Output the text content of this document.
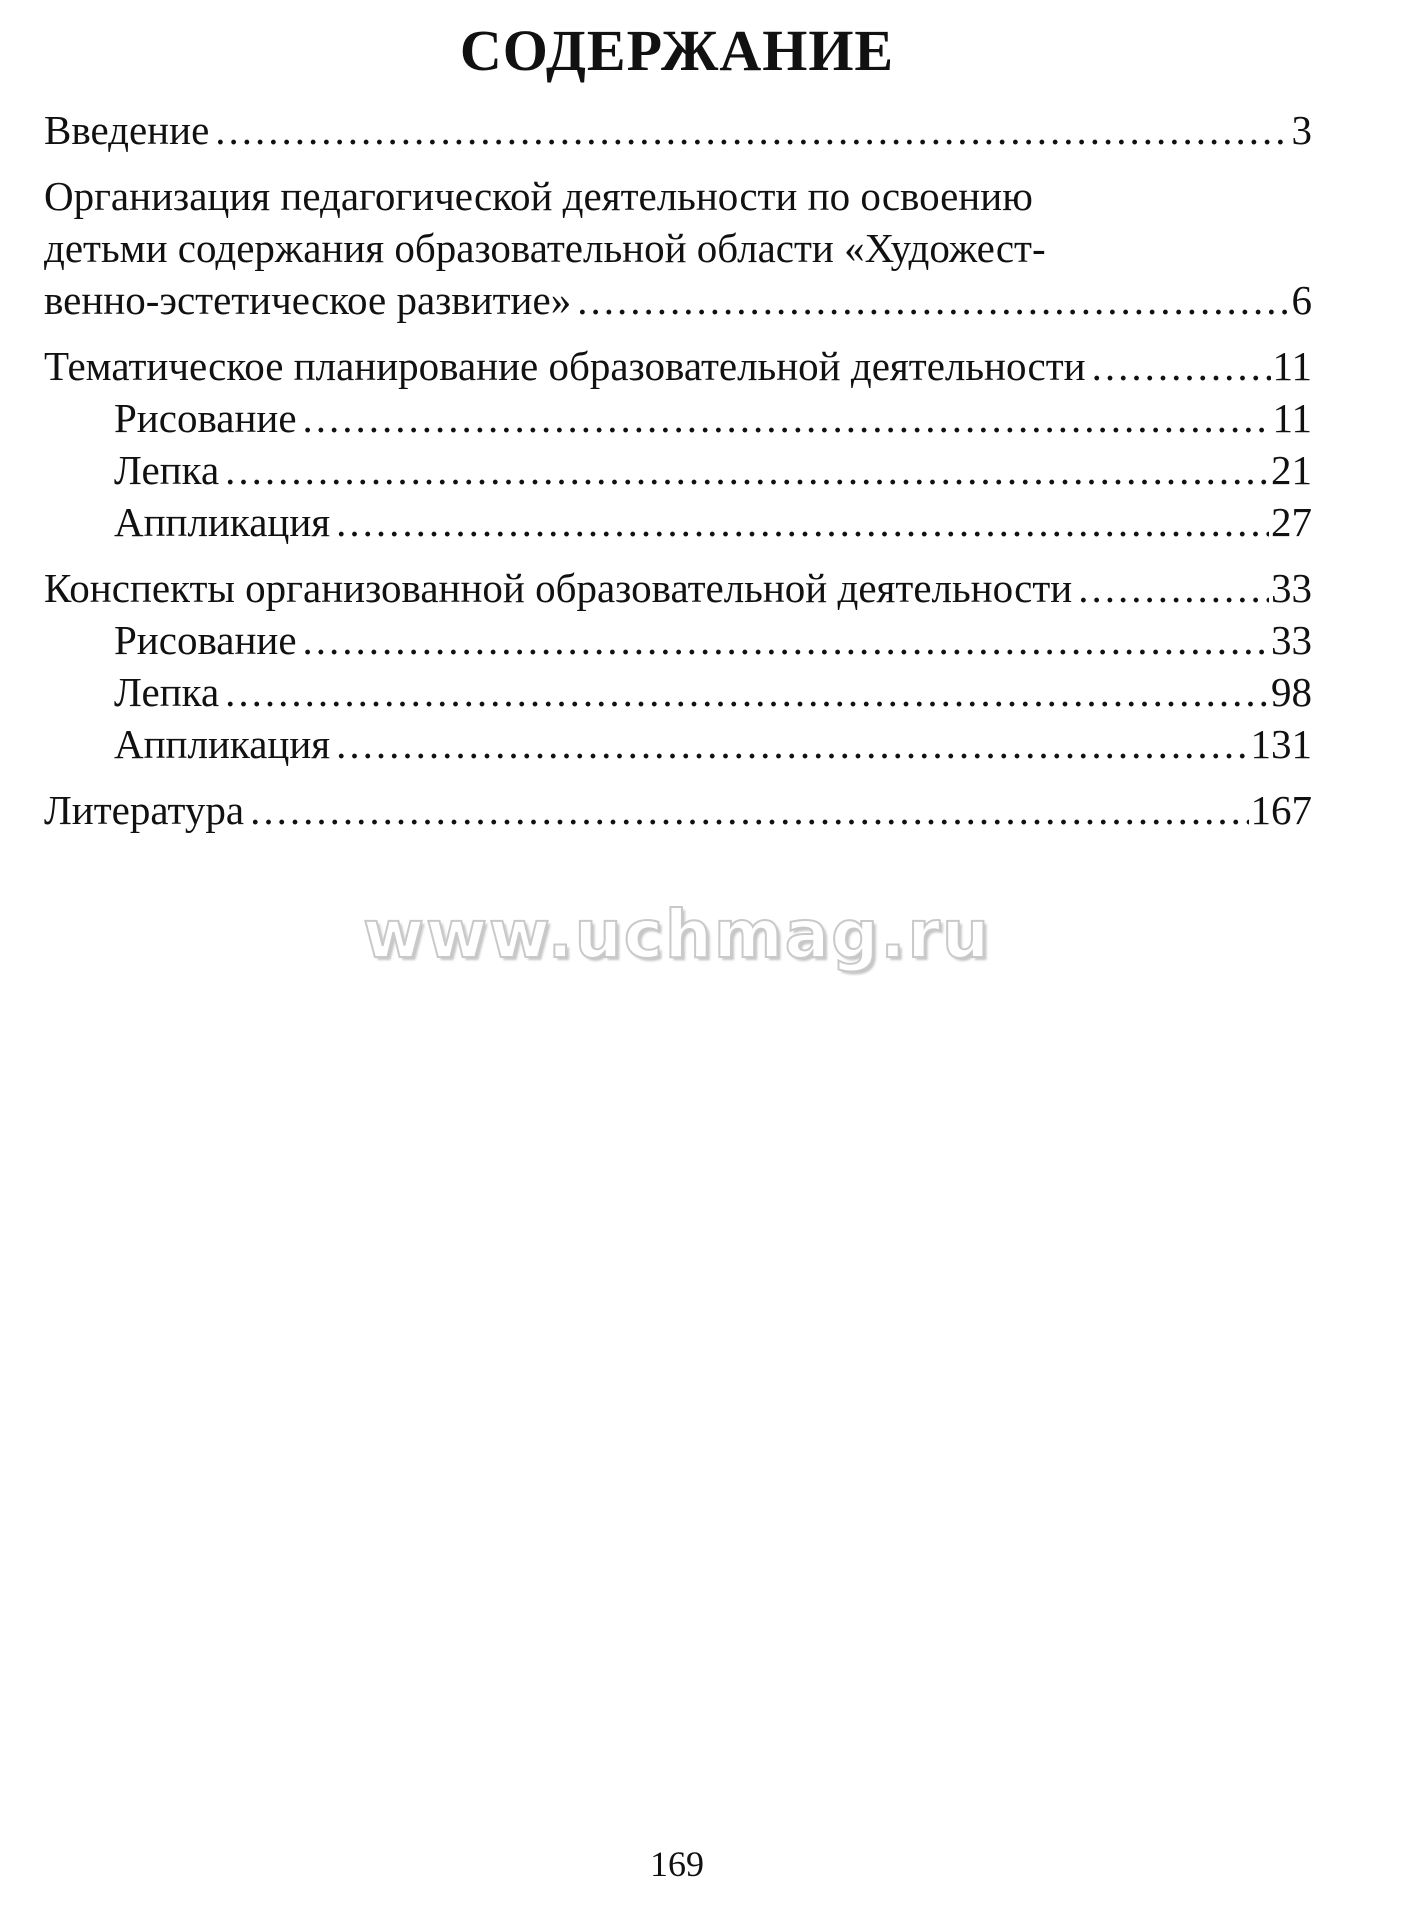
СОДЕРЖАНИЕ
Введение .....	3
Организация педагогической деятельности по освоению
детьми содержания образовательной области «Художест-
венно-эстетическое развитие» .....	6
Тематическое планирование образовательной деятельности .....	11
Рисование .....	11
Лепка .....	21
Аппликация .....	27
Конспекты организованной образовательной деятельности .....	33
Рисование .....	33
Лепка .....	98
Аппликация .....	131
Литература .....	167
www.uchmag.ru
169
